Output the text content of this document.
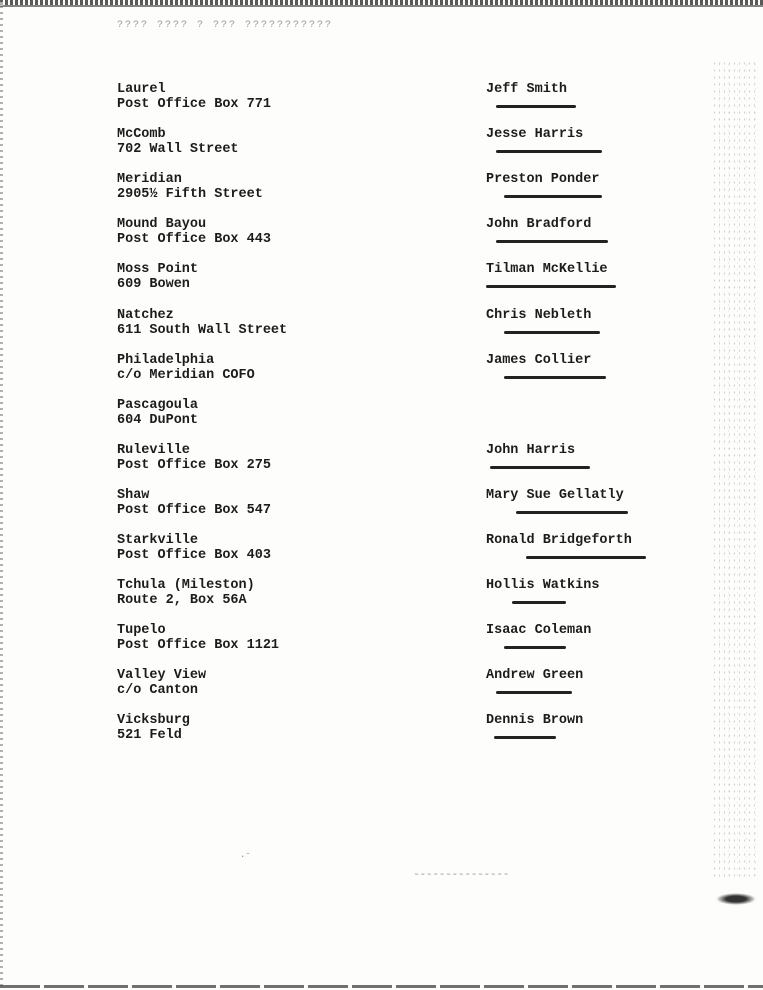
???? ???? ? ??? ???????????
Laurel
Post Office Box 771
McComb
702 Wall Street
Meridian
2905½ Fifth Street
Mound Bayou
Post Office Box 443
Moss Point
609 Bowen
Natchez
611 South Wall Street
Philadelphia
c/o Meridian COFO
Pascagoula
604 DuPont
Ruleville
Post Office Box 275
Shaw
Post Office Box 547
Starkville
Post Office Box 403
Tchula (Mileston)
Route 2, Box 56A
Tupelo
Post Office Box 1121
Valley View
c/o Canton
Vicksburg
521 Feld
Jeff Smith
Jesse Harris
Preston Ponder
John Bradford
Tilman McKellie
Chris Nebleth
James Collier
John Harris
Mary Sue Gellatly
Ronald Bridgeforth
Hollis Watkins
Isaac Coleman
Andrew Green
Dennis Brown
·ˉ
˷˷˷˷˷˷˷˷˷˷˷˷˷˷˷
